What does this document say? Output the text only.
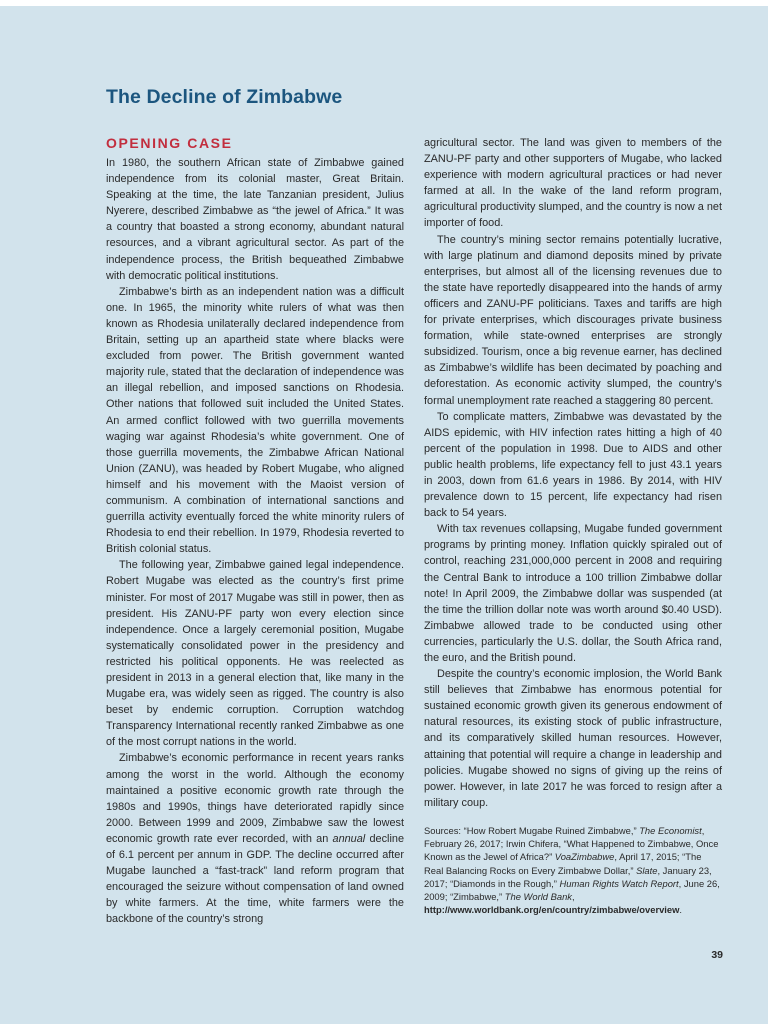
The Decline of Zimbabwe
OPENING CASE

In 1980, the southern African state of Zimbabwe gained independence from its colonial master, Great Britain. Speaking at the time, the late Tanzanian president, Julius Nyerere, described Zimbabwe as “the jewel of Africa.” It was a country that boasted a strong economy, abundant natural resources, and a vibrant agricultural sector. As part of the independence process, the British bequeathed Zimbabwe with democratic political institutions.

Zimbabwe’s birth as an independent nation was a difficult one. In 1965, the minority white rulers of what was then known as Rhodesia unilaterally declared independence from Britain, setting up an apartheid state where blacks were excluded from power. The British government wanted majority rule, stated that the declaration of independence was an illegal rebellion, and imposed sanctions on Rhodesia. Other nations that followed suit included the United States. An armed conflict followed with two guerrilla movements waging war against Rhodesia’s white government. One of those guerrilla movements, the Zimbabwe African National Union (ZANU), was headed by Robert Mugabe, who aligned himself and his movement with the Maoist version of communism. A combination of international sanctions and guerrilla activity eventually forced the white minority rulers of Rhodesia to end their rebellion. In 1979, Rhodesia reverted to British colonial status.

The following year, Zimbabwe gained legal independence. Robert Mugabe was elected as the country’s first prime minister. For most of 2017 Mugabe was still in power, then as president. His ZANU-PF party won every election since independence. Once a largely ceremonial position, Mugabe systematically consolidated power in the presidency and restricted his political opponents. He was reelected as president in 2013 in a general election that, like many in the Mugabe era, was widely seen as rigged. The country is also beset by endemic corruption. Corruption watchdog Transparency International recently ranked Zimbabwe as one of the most corrupt nations in the world.

Zimbabwe’s economic performance in recent years ranks among the worst in the world. Although the economy maintained a positive economic growth rate through the 1980s and 1990s, things have deteriorated rapidly since 2000. Between 1999 and 2009, Zimbabwe saw the lowest economic growth rate ever recorded, with an annual decline of 6.1 percent per annum in GDP. The decline occurred after Mugabe launched a “fast-track” land reform program that encouraged the seizure without compensation of land owned by white farmers. At the time, white farmers were the backbone of the country’s strong

agricultural sector. The land was given to members of the ZANU-PF party and other supporters of Mugabe, who lacked experience with modern agricultural practices or had never farmed at all. In the wake of the land reform program, agricultural productivity slumped, and the country is now a net importer of food.

The country’s mining sector remains potentially lucrative, with large platinum and diamond deposits mined by private enterprises, but almost all of the licensing revenues due to the state have reportedly disappeared into the hands of army officers and ZANU-PF politicians. Taxes and tariffs are high for private enterprises, which discourages private business formation, while state-owned enterprises are strongly subsidized. Tourism, once a big revenue earner, has declined as Zimbabwe’s wildlife has been decimated by poaching and deforestation. As economic activity slumped, the country’s formal unemployment rate reached a staggering 80 percent.

To complicate matters, Zimbabwe was devastated by the AIDS epidemic, with HIV infection rates hitting a high of 40 percent of the population in 1998. Due to AIDS and other public health problems, life expectancy fell to just 43.1 years in 2003, down from 61.6 years in 1986. By 2014, with HIV prevalence down to 15 percent, life expectancy had risen back to 54 years.

With tax revenues collapsing, Mugabe funded government programs by printing money. Inflation quickly spiraled out of control, reaching 231,000,000 percent in 2008 and requiring the Central Bank to introduce a 100 trillion Zimbabwe dollar note! In April 2009, the Zimbabwe dollar was suspended (at the time the trillion dollar note was worth around $0.40 USD). Zimbabwe allowed trade to be conducted using other currencies, particularly the U.S. dollar, the South Africa rand, the euro, and the British pound.

Despite the country’s economic implosion, the World Bank still believes that Zimbabwe has enormous potential for sustained economic growth given its generous endowment of natural resources, its existing stock of public infrastructure, and its comparatively skilled human resources. However, attaining that potential will require a change in leadership and policies. Mugabe showed no signs of giving up the reins of power. However, in late 2017 he was forced to resign after a military coup.

Sources: “How Robert Mugabe Ruined Zimbabwe,” The Economist, February 26, 2017; Irwin Chifera, “What Happened to Zimbabwe, Once Known as the Jewel of Africa?” VoaZimbabwe, April 17, 2015; “The Real Balancing Rocks on Every Zimbabwe Dollar,” Slate, January 23, 2017; “Diamonds in the Rough,” Human Rights Watch Report, June 26, 2009; “Zimbabwe,” The World Bank, http://www.worldbank.org/en/country/zimbabwe/overview.
39
